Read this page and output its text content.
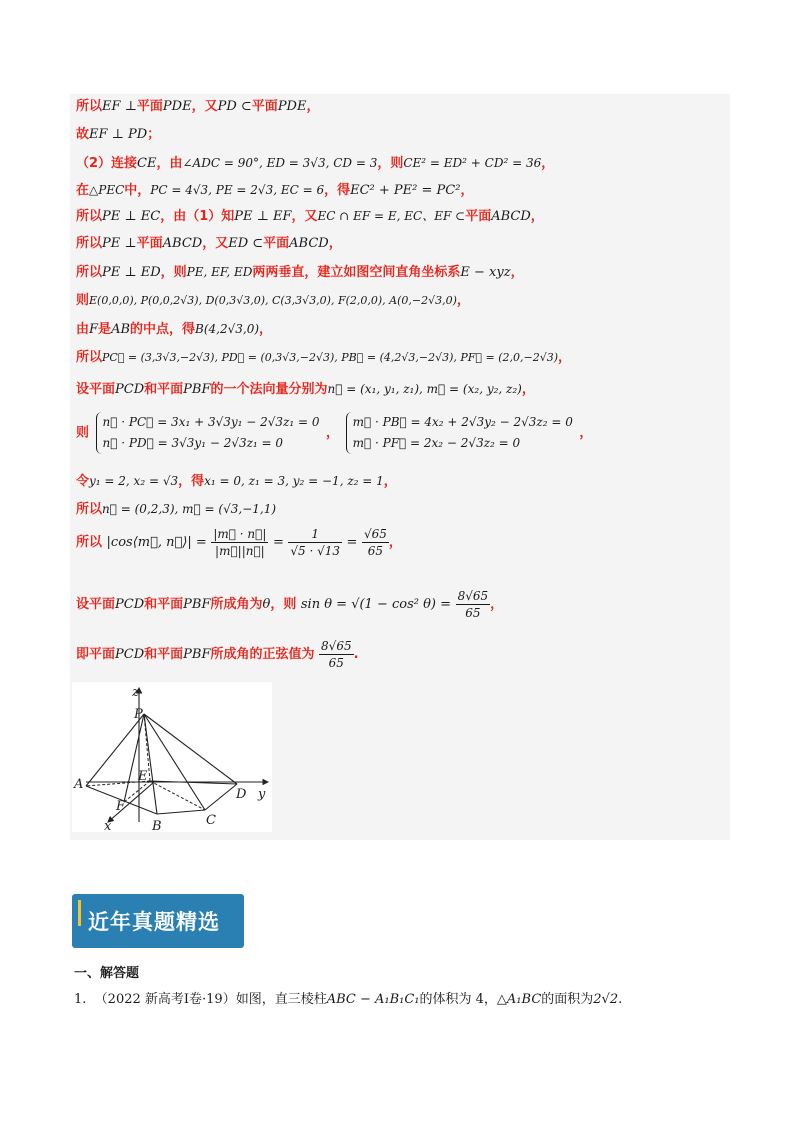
所以EF ⊥平面PDE，又PD ⊂平面PDE，
故EF ⊥ PD；
（2）连接CE，由∠ADC = 90°, ED = 3√3, CD = 3，则CE² = ED² + CD² = 36，
在△PEC中，PC = 4√3, PE = 2√3, EC = 6，得EC² + PE² = PC²，
所以PE ⊥ EC，由（1）知PE ⊥ EF，又EC ∩ EF = E, EC、EF ⊂平面ABCD，
所以PE ⊥平面ABCD，又ED ⊂平面ABCD，
所以PE ⊥ ED，则PE, EF, ED两两垂直，建立如图空间直角坐标系E − xyz，
则E(0,0,0), P(0,0,2√3), D(0,3√3,0), C(3,3√3,0), F(2,0,0), A(0,−2√3,0)，
由F是AB的中点，得B(4,2√3,0)，
所以PC⃗ = (3,3√3,−2√3), PD⃗ = (0,3√3,−2√3), PB⃗ = (4,2√3,−2√3), PF⃗ = (2,0,−2√3)，
设平面PCD和平面PBF的一个法向量分别为n⃗ = (x₁, y₁, z₁), m⃗ = (x₂, y₂, z₂)，
则
n⃗ · PC⃗ = 3x₁ + 3√3y₁ − 2√3z₁ = 0
n⃗ · PD⃗ = 3√3y₁ − 2√3z₁ = 0
，
m⃗ · PB⃗ = 4x₂ + 2√3y₂ − 2√3z₂ = 0
m⃗ · PF⃗ = 2x₂ − 2√3z₂ = 0
，
令y₁ = 2, x₂ = √3，得x₁ = 0, z₁ = 3, y₂ = −1, z₂ = 1，
所以n⃗ = (0,2,3), m⃗ = (√3,−1,1)
所以 |cos⟨m⃗, n⃗⟩| = $\frac{|m⃗ \cdot n⃗|}{|m⃗||n⃗|} = \frac{1}{√5 \cdot √13} = \frac{√65}{65}$ ，
设平面PCD和平面PBF所成角为θ，则 sin θ = √(1 − cos² $\theta) = \frac{8√65}{65}$ ，
即平面PCD和平面PBF所成角的正弦值为 $\frac{8√65}{65}$ .
z
P
E
A
F
D y
x	B	C
近年真题精选
一、解答题
1. （2022 新高考Ⅰ卷·19）如图，直三棱柱ABC − A₁B₁C₁的体积为 4，△A₁BC的面积为2√2.
